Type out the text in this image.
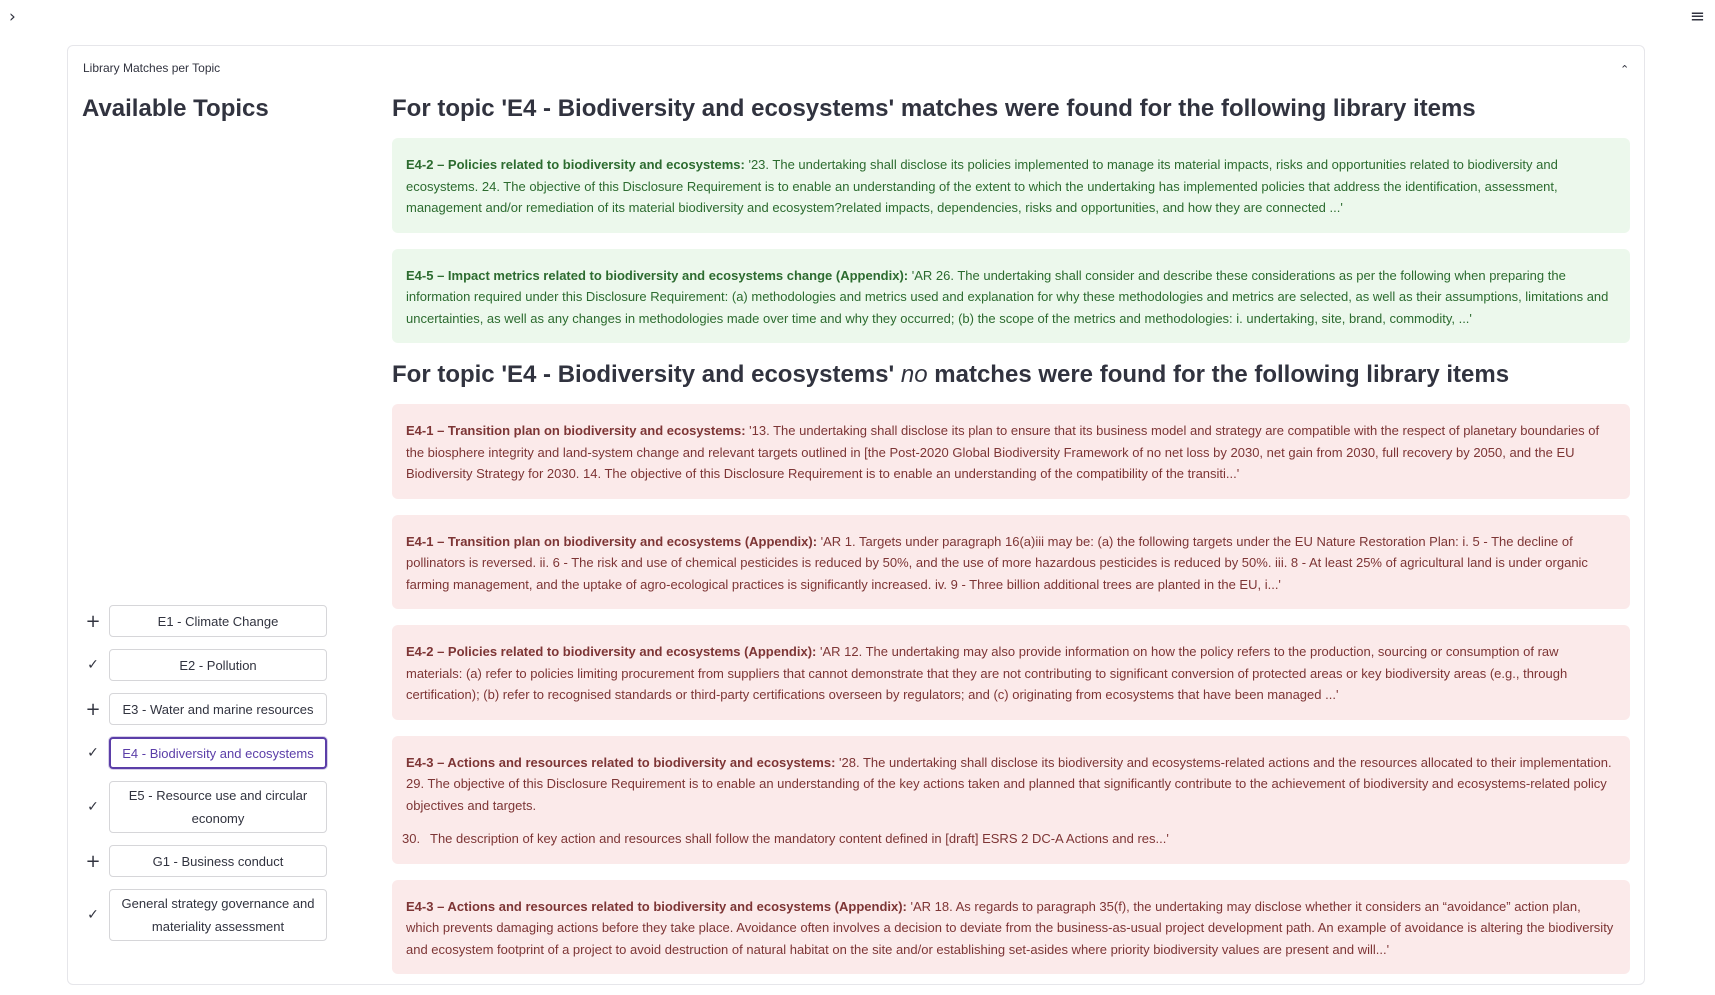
›	≡
Library Matches per Topic	⌄
Available Topics
+	E1 - Climate Change
✓	E2 - Pollution
+	E3 - Water and marine resources
✓	E4 - Biodiversity and ecosystems
✓
E5 - Resource use and circular economy
+	G1 - Business conduct
✓
General strategy governance and materiality assessment
For topic 'E4 - Biodiversity and ecosystems' matches were found for the following library items
E4-2 – Policies related to biodiversity and ecosystems: '23. The undertaking shall disclose its policies implemented to manage its material impacts, risks and opportunities related to biodiversity and ecosystems. 24. The objective of this Disclosure Requirement is to enable an understanding of the extent to which the undertaking has implemented policies that address the identification, assessment, management and/or remediation of its material biodiversity and ecosystem?related impacts, dependencies, risks and opportunities, and how they are connected ...'
E4-5 – Impact metrics related to biodiversity and ecosystems change (Appendix): 'AR 26. The undertaking shall consider and describe these considerations as per the following when preparing the information required under this Disclosure Requirement: (a) methodologies and metrics used and explanation for why these methodologies and metrics are selected, as well as their assumptions, limitations and uncertainties, as well as any changes in methodologies made over time and why they occurred; (b) the scope of the metrics and methodologies: i. undertaking, site, brand, commodity, ...'
For topic 'E4 - Biodiversity and ecosystems' no matches were found for the following library items
E4-1 – Transition plan on biodiversity and ecosystems: '13. The undertaking shall disclose its plan to ensure that its business model and strategy are compatible with the respect of planetary boundaries of the biosphere integrity and land-system change and relevant targets outlined in [the Post-2020 Global Biodiversity Framework of no net loss by 2030, net gain from 2030, full recovery by 2050, and the EU Biodiversity Strategy for 2030. 14. The objective of this Disclosure Requirement is to enable an understanding of the compatibility of the transiti...'
E4-1 – Transition plan on biodiversity and ecosystems (Appendix): 'AR 1. Targets under paragraph 16(a)iii may be: (a) the following targets under the EU Nature Restoration Plan: i. 5 - The decline of pollinators is reversed. ii. 6 - The risk and use of chemical pesticides is reduced by 50%, and the use of more hazardous pesticides is reduced by 50%. iii. 8 - At least 25% of agricultural land is under organic farming management, and the uptake of agro-ecological practices is significantly increased. iv. 9 - Three billion additional trees are planted in the EU, i...'
E4-2 – Policies related to biodiversity and ecosystems (Appendix): 'AR 12. The undertaking may also provide information on how the policy refers to the production, sourcing or consumption of raw materials: (a) refer to policies limiting procurement from suppliers that cannot demonstrate that they are not contributing to significant conversion of protected areas or key biodiversity areas (e.g., through certification); (b) refer to recognised standards or third-party certifications overseen by regulators; and (c) originating from ecosystems that have been managed ...'
E4-3 – Actions and resources related to biodiversity and ecosystems: '28. The undertaking shall disclose its biodiversity and ecosystems-related actions and the resources allocated to their implementation. 29. The objective of this Disclosure Requirement is to enable an understanding of the key actions taken and planned that significantly contribute to the achievement of biodiversity and ecosystems-related policy objectives and targets.
30. The description of key action and resources shall follow the mandatory content defined in [draft] ESRS 2 DC-A Actions and res...'
E4-3 – Actions and resources related to biodiversity and ecosystems (Appendix): 'AR 18. As regards to paragraph 35(f), the undertaking may disclose whether it considers an “avoidance” action plan, which prevents damaging actions before they take place. Avoidance often involves a decision to deviate from the business-as-usual project development path. An example of avoidance is altering the biodiversity and ecosystem footprint of a project to avoid destruction of natural habitat on the site and/or establishing set-asides where priority biodiversity values are present and will...'
